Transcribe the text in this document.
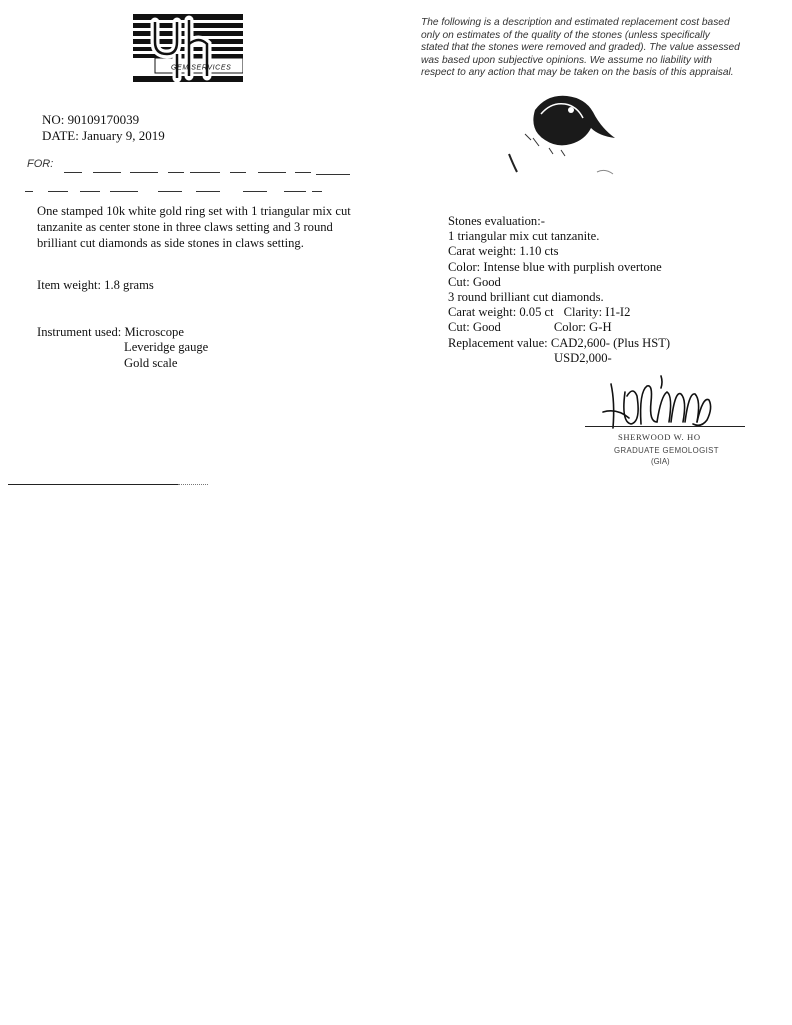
GEM SERVICES
The following is a description and estimated replacement cost based
only on estimates of the quality of the stones (unless specifically
stated that the stones were removed and graded). The value assessed
was based upon subjective opinions. We assume no liability with
respect to any action that may be taken on the basis of this appraisal.
NO: 90109170039
DATE: January 9, 2019
FOR:
One stamped 10k white gold ring set with 1 triangular mix cut tanzanite as center stone in three claws setting and 3 round brilliant cut diamonds as side stones in claws setting.
Item weight: 1.8 grams
Instrument used: Microscope
Leveridge gauge
Gold scale
Stones evaluation:-
1 triangular mix cut tanzanite.
Carat weight: 1.10 cts
Color: Intense blue with purplish overtone
Cut: Good
3 round brilliant cut diamonds.
Carat weight: 0.05 ct Clarity: I1-I2
Cut: Good	Color: G-H
Replacement value: CAD2,600- (Plus HST)
USD2,000-
SHERWOOD W. HO
GRADUATE GEMOLOGIST
(GIA)
